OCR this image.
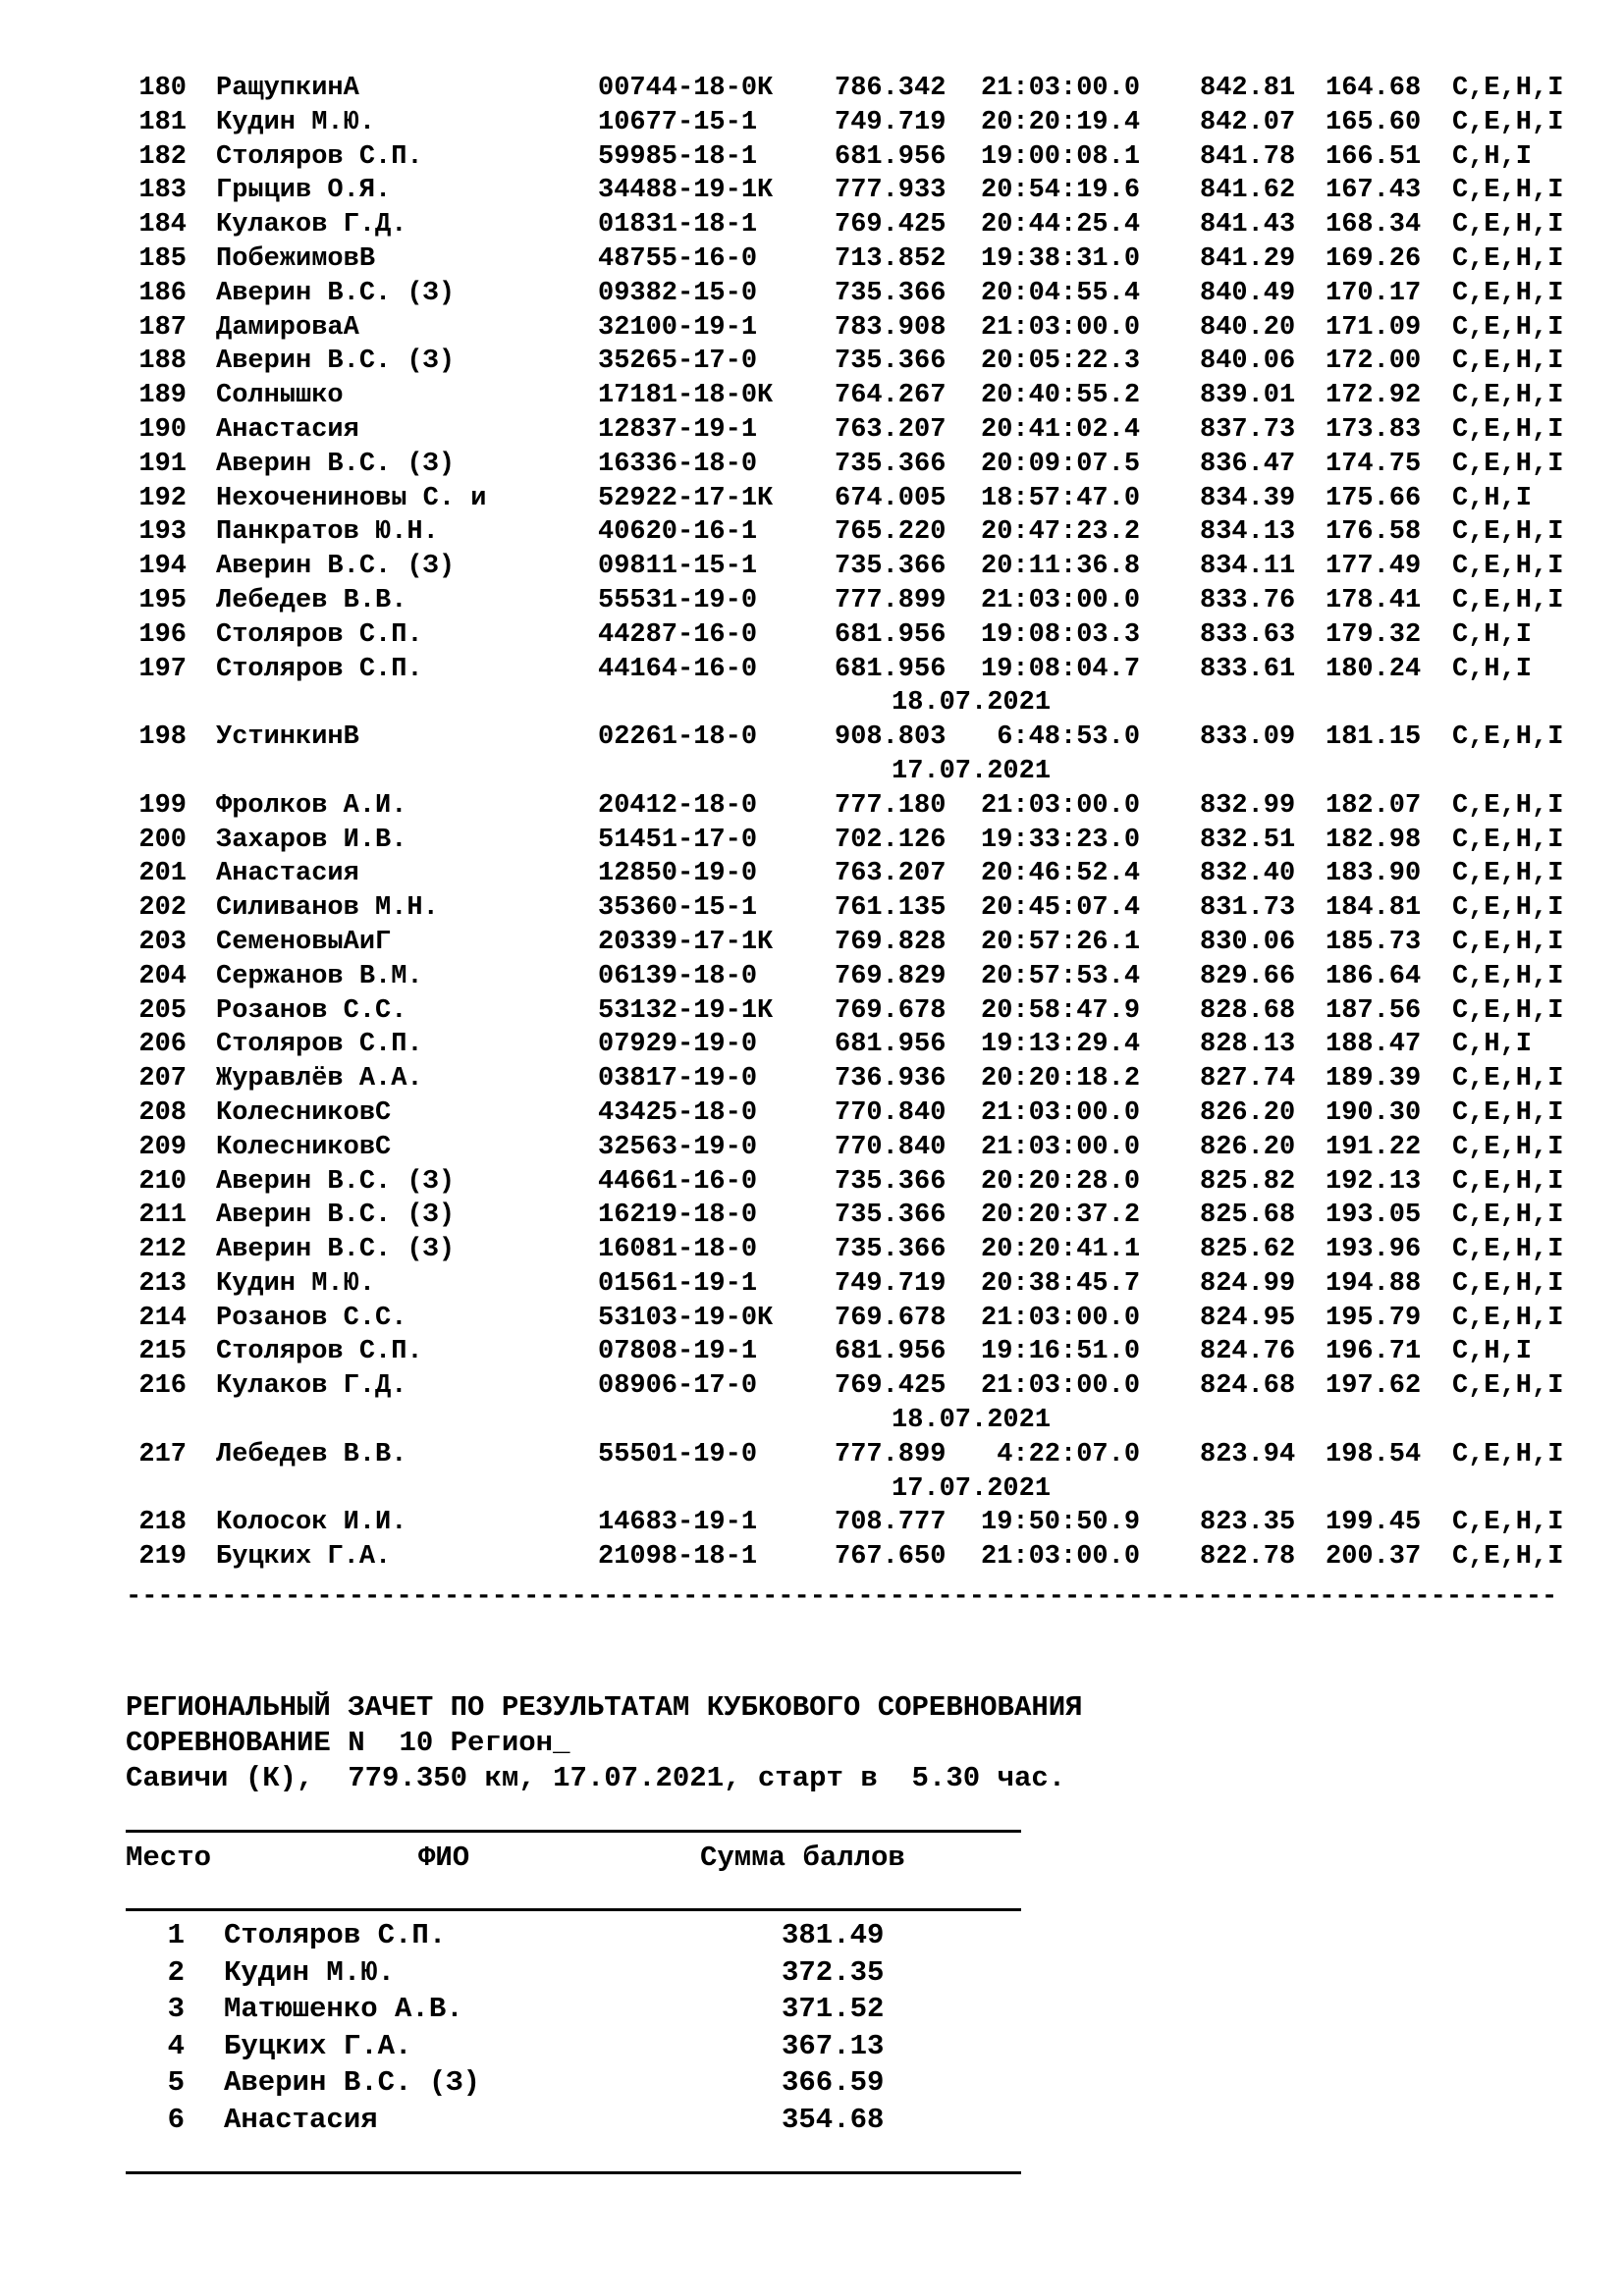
180 РащупкинА	00744-18-0К 786.342 21:03:00.0 842.81 164.68 C,E,H,I
181 Кудин М.Ю.	10677-15-1	749.719 20:20:19.4 842.07 165.60 C,E,H,I
182 Столяров С.П.	59985-18-1	681.956 19:00:08.1 841.78 166.51 C,H,I
183 Грыцив О.Я.	34488-19-1К 777.933 20:54:19.6 841.62 167.43 C,E,H,I
184 Кулаков Г.Д.	01831-18-1	769.425 20:44:25.4 841.43 168.34 C,E,H,I
185 ПобежимовВ	48755-16-0	713.852 19:38:31.0 841.29 169.26 C,E,H,I
186 Аверин В.С. (З)	09382-15-0	735.366 20:04:55.4 840.49 170.17 C,E,H,I
187 ДамироваА	32100-19-1	783.908 21:03:00.0 840.20 171.09 C,E,H,I
188 Аверин В.С. (З)	35265-17-0	735.366 20:05:22.3 840.06 172.00 C,E,H,I
189 Солнышко	17181-18-0К 764.267 20:40:55.2 839.01 172.92 C,E,H,I
190 Анастасия	12837-19-1	763.207 20:41:02.4 837.73 173.83 C,E,H,I
191 Аверин В.С. (З)	16336-18-0	735.366 20:09:07.5 836.47 174.75 C,E,H,I
192 Нехочениновы С. и	52922-17-1К 674.005 18:57:47.0 834.39 175.66 C,H,I
193 Панкратов Ю.Н.	40620-16-1	765.220 20:47:23.2 834.13 176.58 C,E,H,I
194 Аверин В.С. (З)	09811-15-1	735.366 20:11:36.8 834.11 177.49 C,E,H,I
195 Лебедев В.В.	55531-19-0	777.899 21:03:00.0 833.76 178.41 C,E,H,I
196 Столяров С.П.	44287-16-0	681.956 19:08:03.3 833.63 179.32 C,H,I
197 Столяров С.П.	44164-16-0	681.956 19:08:04.7 833.61 180.24 C,H,I
18.07.2021
198 УстинкинВ	02261-18-0	908.803 6:48:53.0 833.09 181.15 C,E,H,I
17.07.2021
199 Фролков А.И.	20412-18-0	777.180 21:03:00.0 832.99 182.07 C,E,H,I
200 Захаров И.В.	51451-17-0	702.126 19:33:23.0 832.51 182.98 C,E,H,I
201 Анастасия	12850-19-0	763.207 20:46:52.4 832.40 183.90 C,E,H,I
202 Силиванов М.Н.	35360-15-1	761.135 20:45:07.4 831.73 184.81 C,E,H,I
203 СеменовыАиГ	20339-17-1К 769.828 20:57:26.1 830.06 185.73 C,E,H,I
204 Сержанов В.М.	06139-18-0	769.829 20:57:53.4 829.66 186.64 C,E,H,I
205 Розанов С.С.	53132-19-1К 769.678 20:58:47.9 828.68 187.56 C,E,H,I
206 Столяров С.П.	07929-19-0	681.956 19:13:29.4 828.13 188.47 C,H,I
207 Журавлёв А.А.	03817-19-0	736.936 20:20:18.2 827.74 189.39 C,E,H,I
208 КолесниковС	43425-18-0	770.840 21:03:00.0 826.20 190.30 C,E,H,I
209 КолесниковС	32563-19-0	770.840 21:03:00.0 826.20 191.22 C,E,H,I
210 Аверин В.С. (З)	44661-16-0	735.366 20:20:28.0 825.82 192.13 C,E,H,I
211 Аверин В.С. (З)	16219-18-0	735.366 20:20:37.2 825.68 193.05 C,E,H,I
212 Аверин В.С. (З)	16081-18-0	735.366 20:20:41.1 825.62 193.96 C,E,H,I
213 Кудин М.Ю.	01561-19-1	749.719 20:38:45.7 824.99 194.88 C,E,H,I
214 Розанов С.С.	53103-19-0К 769.678 21:03:00.0 824.95 195.79 C,E,H,I
215 Столяров С.П.	07808-19-1	681.956 19:16:51.0 824.76 196.71 C,H,I
216 Кулаков Г.Д.	08906-17-0	769.425 21:03:00.0 824.68 197.62 C,E,H,I
18.07.2021
217 Лебедев В.В.	55501-19-0	777.899 4:22:07.0 823.94 198.54 C,E,H,I
17.07.2021
218 Колосок И.И.	14683-19-1	708.777 19:50:50.9 823.35 199.45 C,E,H,I
219 Буцких Г.А.	21098-18-1	767.650 21:03:00.0 822.78 200.37 C,E,H,I
------------------------------------------------------------------------------------------
РЕГИОНАЛЬНЫЙ ЗАЧЕТ ПО РЕЗУЛЬТАТАМ КУБКОВОГО СОРЕВНОВАНИЯ
СОРЕВНОВАНИЕ N  10 Регион_
Савичи (К),  779.350 км, 17.07.2021, старт в  5.30 час.
Место	ФИО	Сумма баллов
1 Столяров С.П.	381.49
2 Кудин М.Ю.	372.35
3 Матюшенко А.В.	371.52
4 Буцких Г.А.	367.13
5 Аверин В.С. (З)	366.59
6 Анастасия	354.68
